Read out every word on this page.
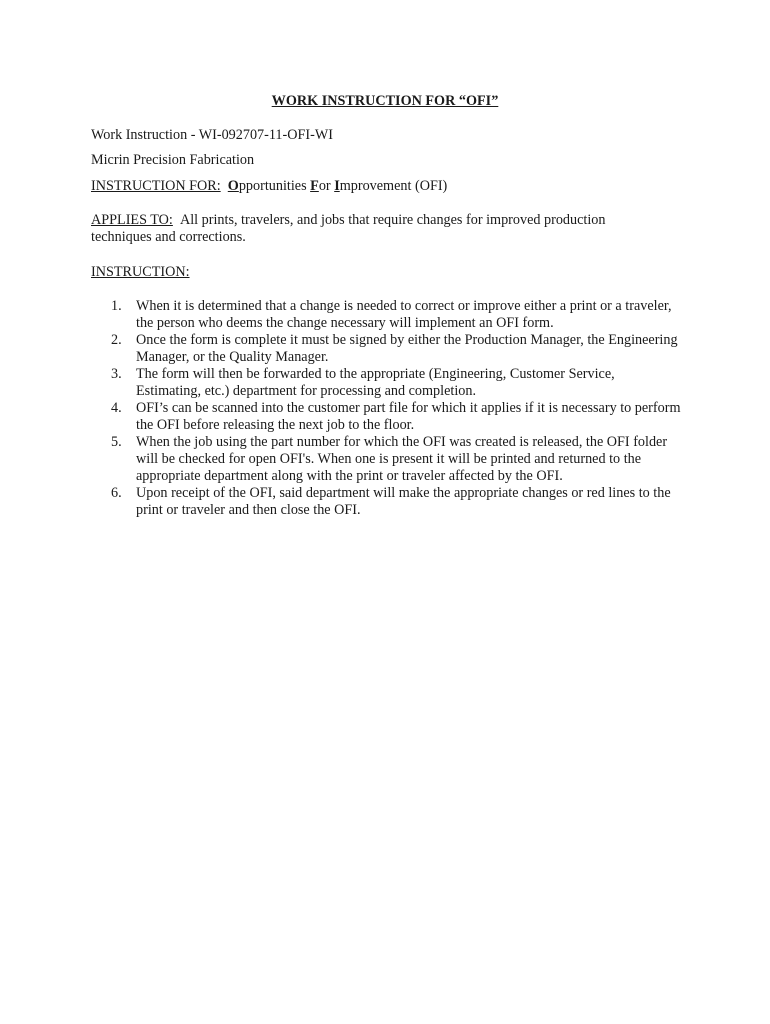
WORK INSTRUCTION FOR “OFI”
Work Instruction - WI-092707-11-OFI-WI
Micrin Precision Fabrication
INSTRUCTION FOR: Opportunities For Improvement (OFI)
APPLIES TO: All prints, travelers, and jobs that require changes for improved production techniques and corrections.
INSTRUCTION:
1. When it is determined that a change is needed to correct or improve either a print or a traveler, the person who deems the change necessary will implement an OFI form.
2. Once the form is complete it must be signed by either the Production Manager, the Engineering Manager, or the Quality Manager.
3. The form will then be forwarded to the appropriate (Engineering, Customer Service, Estimating, etc.) department for processing and completion.
4. OFI’s can be scanned into the customer part file for which it applies if it is necessary to perform the OFI before releasing the next job to the floor.
5. When the job using the part number for which the OFI was created is released, the OFI folder will be checked for open OFI's. When one is present it will be printed and returned to the appropriate department along with the print or traveler affected by the OFI.
6. Upon receipt of the OFI, said department will make the appropriate changes or red lines to the print or traveler and then close the OFI.
